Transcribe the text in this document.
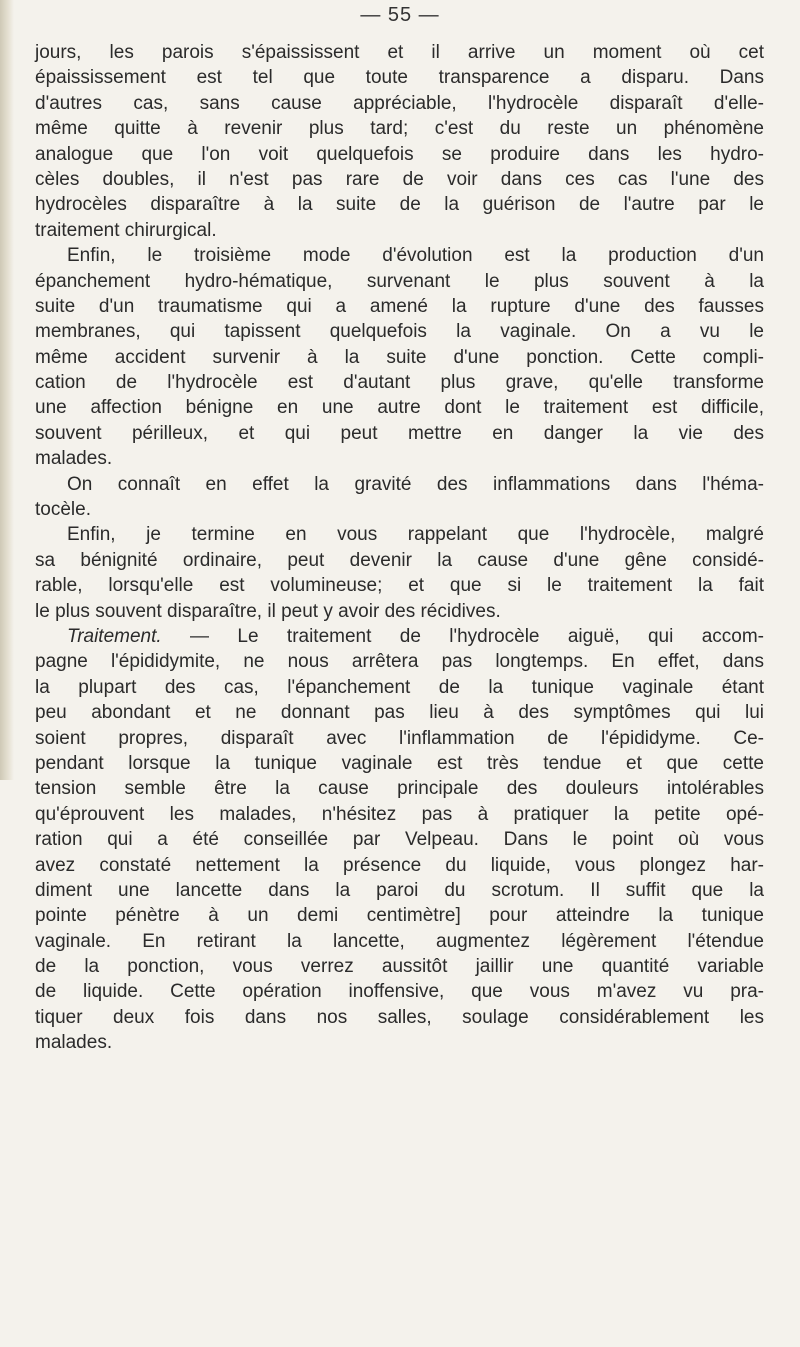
— 55 —
jours, les parois s'épaississent et il arrive un moment où cet
épaississement est tel que toute transparence a disparu. Dans
d'autres cas, sans cause appréciable, l'hydrocèle disparaît d'elle-
même quitte à revenir plus tard; c'est du reste un phénomène
analogue que l'on voit quelquefois se produire dans les hydro-
cèles doubles, il n'est pas rare de voir dans ces cas l'une des
hydrocèles disparaître à la suite de la guérison de l'autre par le
traitement chirurgical.
Enfin, le troisième mode d'évolution est la production d'un
épanchement hydro-hématique, survenant le plus souvent à la
suite d'un traumatisme qui a amené la rupture d'une des fausses
membranes, qui tapissent quelquefois la vaginale. On a vu le
même accident survenir à la suite d'une ponction. Cette compli-
cation de l'hydrocèle est d'autant plus grave, qu'elle transforme
une affection bénigne en une autre dont le traitement est difficile,
souvent périlleux, et qui peut mettre en danger la vie des
malades.
On connaît en effet la gravité des inflammations dans l'héma-
tocèle.
Enfin, je termine en vous rappelant que l'hydrocèle, malgré
sa bénignité ordinaire, peut devenir la cause d'une gêne considé-
rable, lorsqu'elle est volumineuse; et que si le traitement la fait
le plus souvent disparaître, il peut y avoir des récidives.
Traitement. — Le traitement de l'hydrocèle aiguë, qui accom-
pagne l'épididymite, ne nous arrêtera pas longtemps. En effet, dans
la plupart des cas, l'épanchement de la tunique vaginale étant
peu abondant et ne donnant pas lieu à des symptômes qui lui
soient propres, disparaît avec l'inflammation de l'épididyme. Ce-
pendant lorsque la tunique vaginale est très tendue et que cette
tension semble être la cause principale des douleurs intolérables
qu'éprouvent les malades, n'hésitez pas à pratiquer la petite opé-
ration qui a été conseillée par Velpeau. Dans le point où vous
avez constaté nettement la présence du liquide, vous plongez har-
diment une lancette dans la paroi du scrotum. Il suffit que la
pointe pénètre à un demi centimètre] pour atteindre la tunique
vaginale. En retirant la lancette, augmentez légèrement l'étendue
de la ponction, vous verrez aussitôt jaillir une quantité variable
de liquide. Cette opération inoffensive, que vous m'avez vu pra-
tiquer deux fois dans nos salles, soulage considérablement les
malades.
